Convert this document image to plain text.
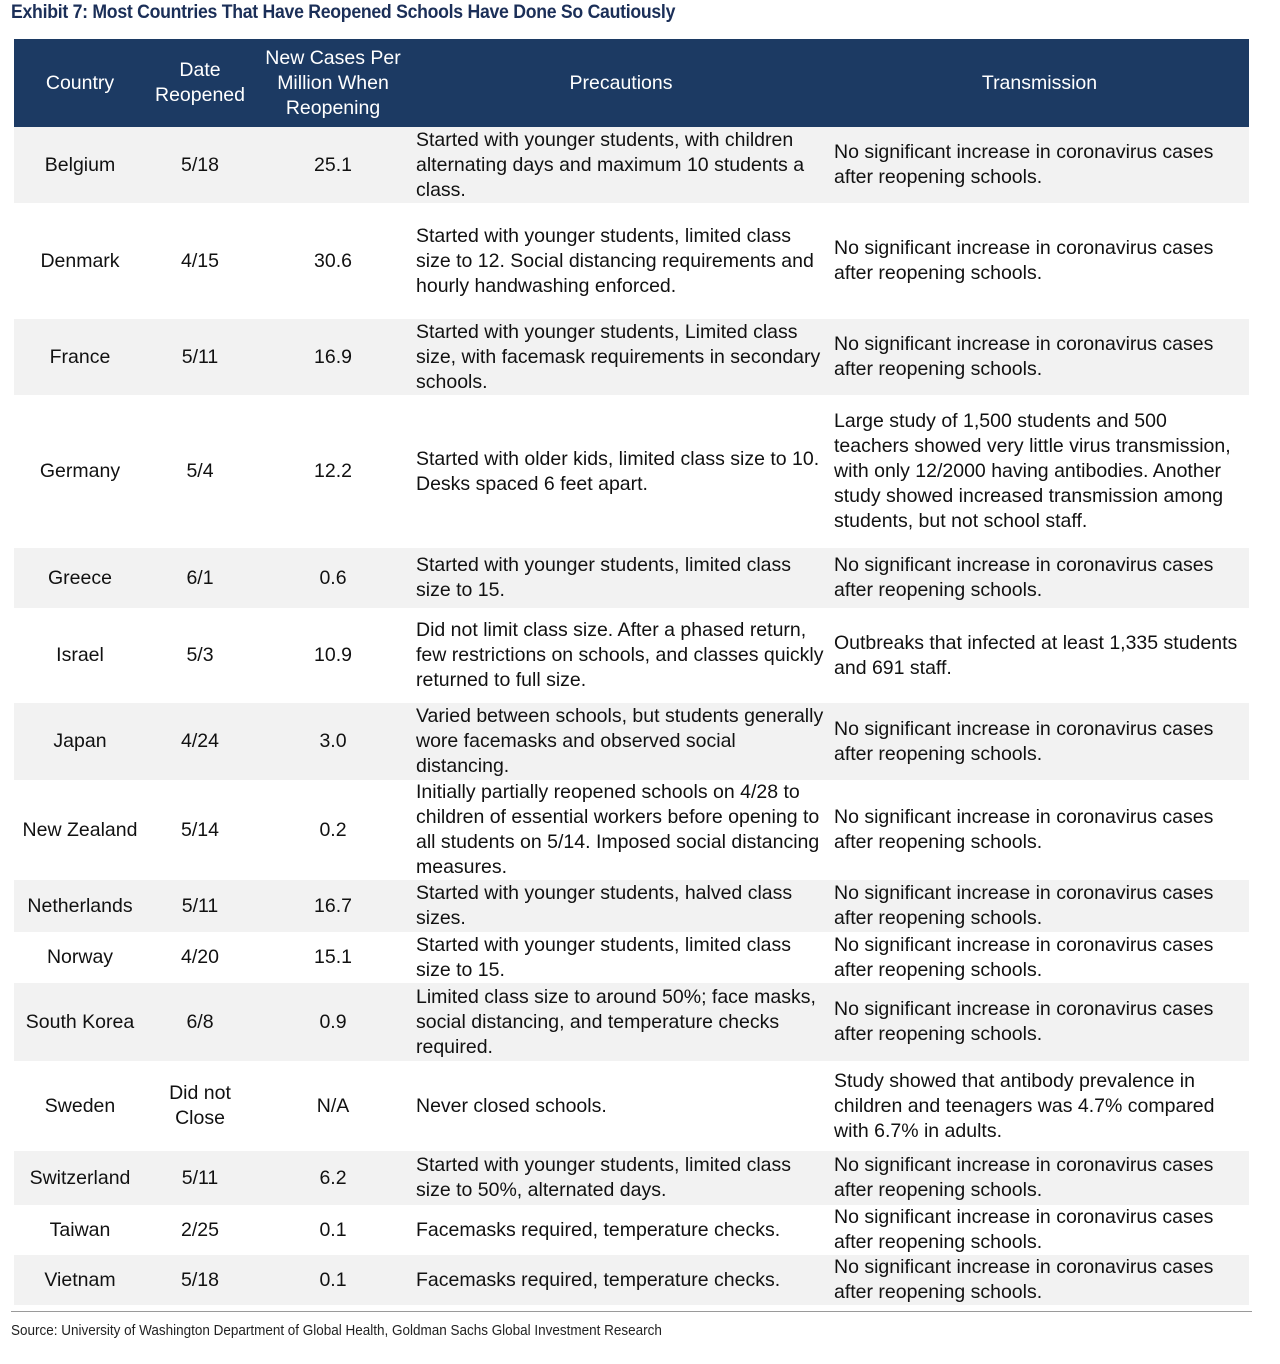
Exhibit 7: Most Countries That Have Reopened Schools Have Done So Cautiously
Country	Date Reopened	New Cases Per Million When Reopening	Precautions	Transmission
Belgium	5/18	25.1	Started with younger students, with children alternating days and maximum 10 students a class.	No significant increase in coronavirus cases after reopening schools.
Denmark	4/15	30.6	Started with younger students, limited class size to 12. Social distancing requirements and hourly handwashing enforced.	No significant increase in coronavirus cases after reopening schools.
France	5/11	16.9	Started with younger students, Limited class size, with facemask requirements in secondary schools.	No significant increase in coronavirus cases after reopening schools.
Germany	5/4	12.2	Started with older kids, limited class size to 10. Desks spaced 6 feet apart.	Large study of 1,500 students and 500 teachers showed very little virus transmission, with only 12/2000 having antibodies. Another study showed increased transmission among students, but not school staff.
Greece	6/1	0.6	Started with younger students, limited class size to 15.	No significant increase in coronavirus cases after reopening schools.
Israel	5/3	10.9	Did not limit class size. After a phased return, few restrictions on schools, and classes quickly returned to full size.	Outbreaks that infected at least 1,335 students and 691 staff.
Japan	4/24	3.0	Varied between schools, but students generally wore facemasks and observed social distancing.	No significant increase in coronavirus cases after reopening schools.
New Zealand	5/14	0.2	Initially partially reopened schools on 4/28 to children of essential workers before opening to all students on 5/14. Imposed social distancing measures.	No significant increase in coronavirus cases after reopening schools.
Netherlands	5/11	16.7	Started with younger students, halved class sizes.	No significant increase in coronavirus cases after reopening schools.
Norway	4/20	15.1	Started with younger students, limited class size to 15.	No significant increase in coronavirus cases after reopening schools.
South Korea	6/8	0.9	Limited class size to around 50%; face masks, social distancing, and temperature checks required.	No significant increase in coronavirus cases after reopening schools.
Sweden	Did not Close	N/A	Never closed schools.	Study showed that antibody prevalence in children and teenagers was 4.7% compared with 6.7% in adults.
Switzerland	5/11	6.2	Started with younger students, limited class size to 50%, alternated days.	No significant increase in coronavirus cases after reopening schools.
Taiwan	2/25	0.1	Facemasks required, temperature checks.	No significant increase in coronavirus cases after reopening schools.
Vietnam	5/18	0.1	Facemasks required, temperature checks.	No significant increase in coronavirus cases after reopening schools.
Source: University of Washington Department of Global Health, Goldman Sachs Global Investment Research
